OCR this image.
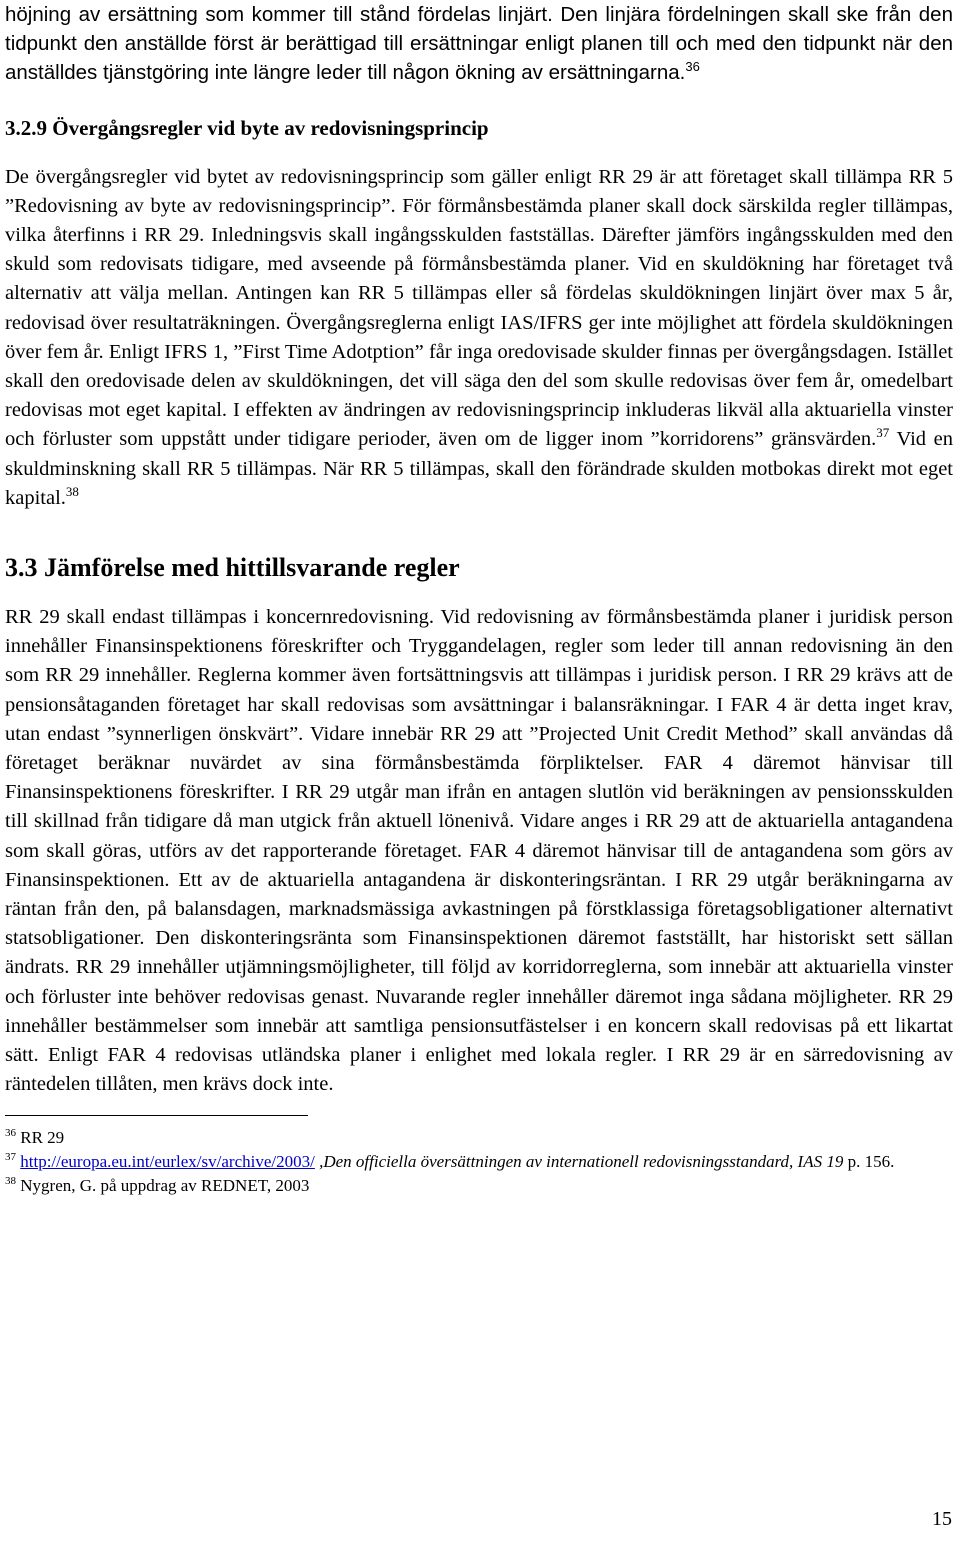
höjning av ersättning som kommer till stånd fördelas linjärt. Den linjära fördelningen skall ske från den tidpunkt den anställde först är berättigad till ersättningar enligt planen till och med den tidpunkt när den anställdes tjänstgöring inte längre leder till någon ökning av ersättningarna.$^{36}$

3.2.9 Övergångsregler vid byte av redovisningsprincip

De övergångsregler vid bytet av redovisningsprincip som gäller enligt RR 29 är att företaget skall tillämpa RR 5 ”Redovisning av byte av redovisningsprincip”. För förmånsbestämda planer skall dock särskilda regler tillämpas, vilka återfinns i RR 29. Inledningsvis skall ingångsskulden fastställas. Därefter jämförs ingångsskulden med den skuld som redovisats tidigare, med avseende på förmånsbestämda planer. Vid en skuldökning har företaget två alternativ att välja mellan. Antingen kan RR 5 tillämpas eller så fördelas skuldökningen linjärt över max 5 år, redovisad över resultaträkningen. Övergångsreglerna enligt IAS/IFRS ger inte möjlighet att fördela skuldökningen över fem år. Enligt IFRS 1, ”First Time Adotption” får inga oredovisade skulder finnas per övergångsdagen. Istället skall den oredovisade delen av skuldökningen, det vill säga den del som skulle redovisas över fem år, omedelbart redovisas mot eget kapital. I effekten av ändringen av redovisningsprincip inkluderas likväl alla aktuariella vinster och förluster som uppstått under tidigare perioder, även om de ligger inom ”korridorens” gränsvärden.$^{37}$ Vid en skuldminskning skall RR 5 tillämpas. När RR 5 tillämpas, skall den förändrade skulden motbokas direkt mot eget kapital.$^{38}$

3.3 Jämförelse med hittillsvarande regler

RR 29 skall endast tillämpas i koncernredovisning. Vid redovisning av förmånsbestämda planer i juridisk person innehåller Finansinspektionens föreskrifter och Tryggandelagen, regler som leder till annan redovisning än den som RR 29 innehåller. Reglerna kommer även fortsättningsvis att tillämpas i juridisk person. I RR 29 krävs att de pensionsåtaganden företaget har skall redovisas som avsättningar i balansräkningar. I FAR 4 är detta inget krav, utan endast ”synnerligen önskvärt”. Vidare innebär RR 29 att ”Projected Unit Credit Method” skall användas då företaget beräknar nuvärdet av sina förmånsbestämda förpliktelser. FAR 4 däremot hänvisar till Finansinspektionens föreskrifter. I RR 29 utgår man ifrån en antagen slutlön vid beräkningen av pensionsskulden till skillnad från tidigare då man utgick från aktuell lönenivå. Vidare anges i RR 29 att de aktuariella antagandena som skall göras, utförs av det rapporterande företaget. FAR 4 däremot hänvisar till de antagandena som görs av Finansinspektionen. Ett av de aktuariella antagandena är diskonteringsräntan. I RR 29 utgår beräkningarna av räntan från den, på balansdagen, marknadsmässiga avkastningen på förstklassiga företagsobligationer alternativt statsobligationer. Den diskonteringsränta som Finansinspektionen däremot fastställt, har historiskt sett sällan ändrats. RR 29 innehåller utjämningsmöjligheter, till följd av korridorreglerna, som innebär att aktuariella vinster och förluster inte behöver redovisas genast. Nuvarande regler innehåller däremot inga sådana möjligheter. RR 29 innehåller bestämmelser som innebär att samtliga pensionsutfästelser i en koncern skall redovisas på ett likartat sätt. Enligt FAR 4 redovisas utländska planer i enlighet med lokala regler. I RR 29 är en särredovisning av räntedelen tillåten, men krävs dock inte.

$^{36}$ RR 29

$^{37}$ http://europa.eu.int/eurlex/sv/archive/2003/ ,Den officiella översättningen av internationell redovisningsstandard, IAS 19 p. 156.

$^{38}$ Nygren, G. på uppdrag av REDNET, 2003

15
